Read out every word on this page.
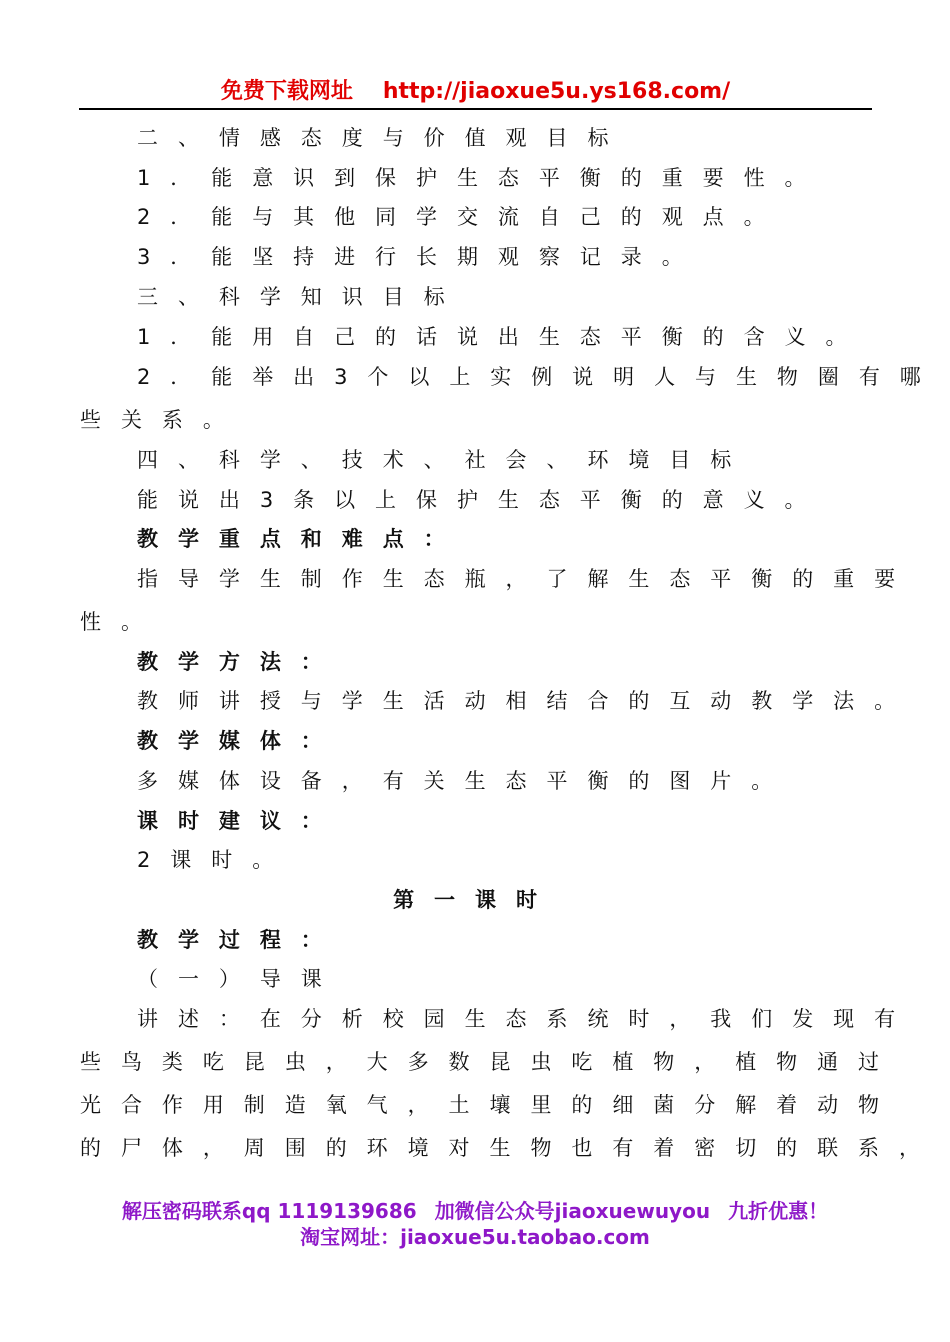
免费下载网址 http://jiaoxue5u.ys168.com/
二、情感态度与价值观目标
1．能意识到保护生态平衡的重要性。
2．能与其他同学交流自己的观点。
3．能坚持进行长期观察记录。
三、科学知识目标
1．能用自己的话说出生态平衡的含义。
2．能举出3个以上实例说明人与生物圈有哪
些关系。
四、科学、技术、社会、环境目标
能说出3条以上保护生态平衡的意义。
教学重点和难点：
指导学生制作生态瓶，了解生态平衡的重要
性。
教学方法：
教师讲授与学生活动相结合的互动教学法。
教学媒体：
多媒体设备，有关生态平衡的图片。
课时建议：
2课时。
第一课时
教学过程：
（一）导课
讲述：在分析校园生态系统时，我们发现有
些鸟类吃昆虫，大多数昆虫吃植物，植物通过
光合作用制造氧气，土壤里的细菌分解着动物
的尸体，周围的环境对生物也有着密切的联系，
解压密码联系qq 1119139686 加微信公众号jiaoxuewuyou 九折优惠！
淘宝网址：jiaoxue5u.taobao.com
